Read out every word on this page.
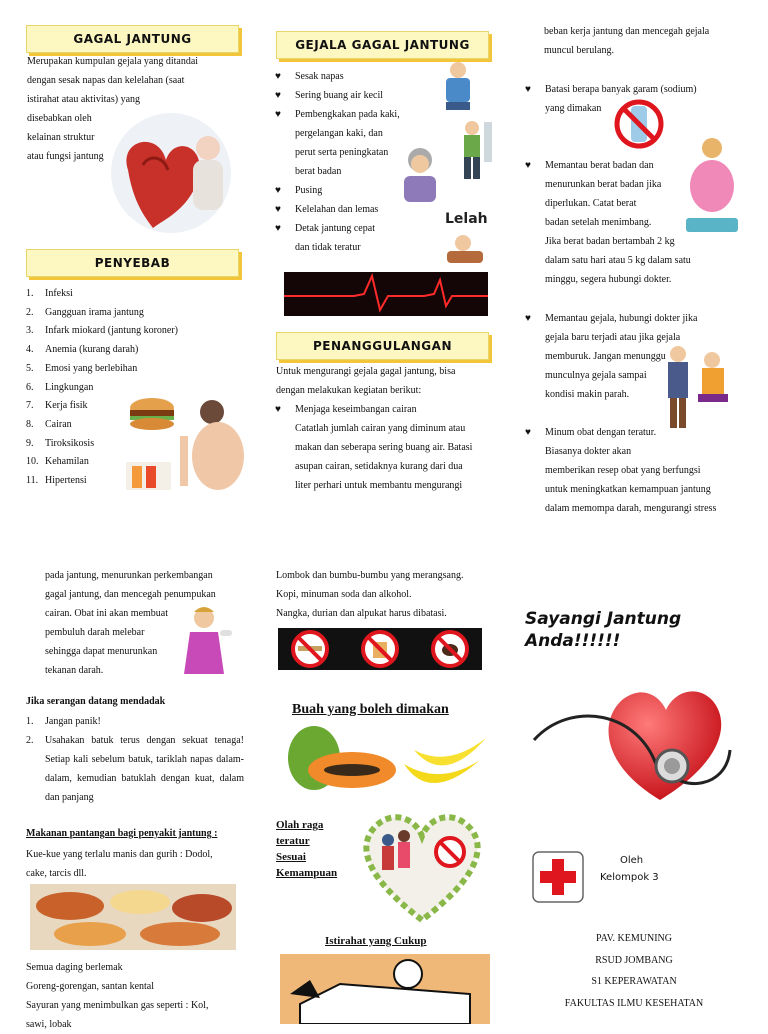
GAGAL JANTUNG
Merupakan kumpulan gejala yang ditandai
dengan sesak napas dan kelelahan (saat
istirahat atau aktivitas) yang
disebabkan oleh
kelainan struktur
atau fungsi jantung
PENYEBAB
1. Infeksi
2. Gangguan irama jantung
3. Infark miokard (jantung koroner)
4. Anemia (kurang darah)
5. Emosi yang berlebihan
6. Lingkungan
7. Kerja fisik
8. Cairan
9. Tiroksikosis
10. Kehamilan
11. Hipertensi
GEJALA GAGAL JANTUNG
♥ Sesak napas
♥ Sering buang air kecil
♥ Pembengkakan pada kaki,
pergelangan kaki, dan
perut serta peningkatan
berat badan
♥ Pusing
♥ Kelelahan dan lemas
♥ Detak jantung cepat
dan tidak teratur
Lelah
PENANGGULANGAN
Untuk mengurangi gejala gagal jantung, bisa
dengan melakukan kegiatan berikut:
♥ Menjaga keseimbangan cairan
Catatlah jumlah cairan yang diminum atau
makan dan seberapa sering buang air. Batasi
asupan cairan, setidaknya kurang dari dua
liter perhari untuk membantu mengurangi
beban kerja jantung dan mencegah gejala
muncul berulang.
♥ Batasi berapa banyak garam (sodium)
yang dimakan
♥ Memantau berat badan dan
menurunkan berat badan jika
diperlukan. Catat berat
badan setelah menimbang.
Jika berat badan bertambah 2 kg
dalam satu hari atau 5 kg dalam satu
minggu, segera hubungi dokter.
♥ Memantau gejala, hubungi dokter jika
gejala baru terjadi atau jika gejala
memburuk. Jangan menunggu
munculnya gejala sampai
kondisi makin parah.
♥ Minum obat dengan teratur.
Biasanya dokter akan
memberikan resep obat yang berfungsi
untuk meningkatkan kemampuan jantung
dalam memompa darah, mengurangi stress
pada jantung, menurunkan perkembangan
gagal jantung, dan mencegah penumpukan
cairan. Obat ini akan membuat
pembuluh darah melebar
sehingga dapat menurunkan
tekanan darah.
Jika serangan datang mendadak
1.	Jangan panik!
2.	Usahakan batuk terus dengan sekuat tenaga! Setiap kali sebelum batuk, tariklah napas dalam-dalam, kemudian batuklah dengan kuat, dalam dan panjang
Makanan pantangan bagi penyakit jantung :
Kue-kue yang terlalu manis dan gurih : Dodol,
cake, tarcis dll.
Semua daging berlemak
Goreng-gorengan, santan kental
Sayuran yang menimbulkan gas seperti : Kol,
sawi, lobak
Lombok dan bumbu-bumbu yang merangsang.
Kopi, minuman soda dan alkohol.
Nangka, durian dan alpukat harus dibatasi.
Buah yang boleh dimakan
Olah raga
teratur
Sesuai
Kemampuan
Istirahat yang Cukup
Sayangi Jantung
Anda!!!!!!
Oleh
Kelompok 3
PAV. KEMUNING
RSUD JOMBANG
S1 KEPERAWATAN
FAKULTAS ILMU KESEHATAN
